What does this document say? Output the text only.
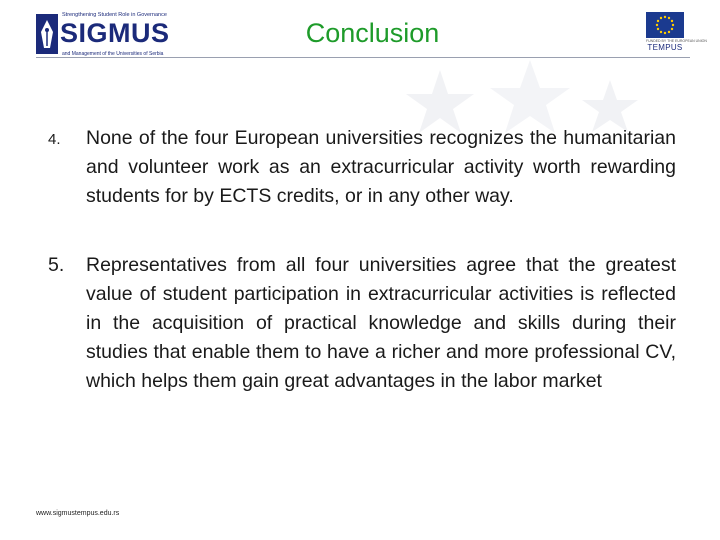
Strengthening Student Role in Governance
SIGMUS
and Management of the Universities of Serbia
Conclusion	FUNDED BY THE EUROPEAN UNION
TEMPUS
4. None of the four European universities recognizes the humanitarian and volunteer work as an extracurricular activity worth rewarding students for by ECTS credits, or in any other way.
5. Representatives from all four universities agree that the greatest value of student participation in extracurricular activities is reflected in the acquisition of practical knowledge and skills during their studies that enable them to have a richer and more professional CV, which helps them gain great advantages in the labor market
www.sigmustempus.edu.rs
